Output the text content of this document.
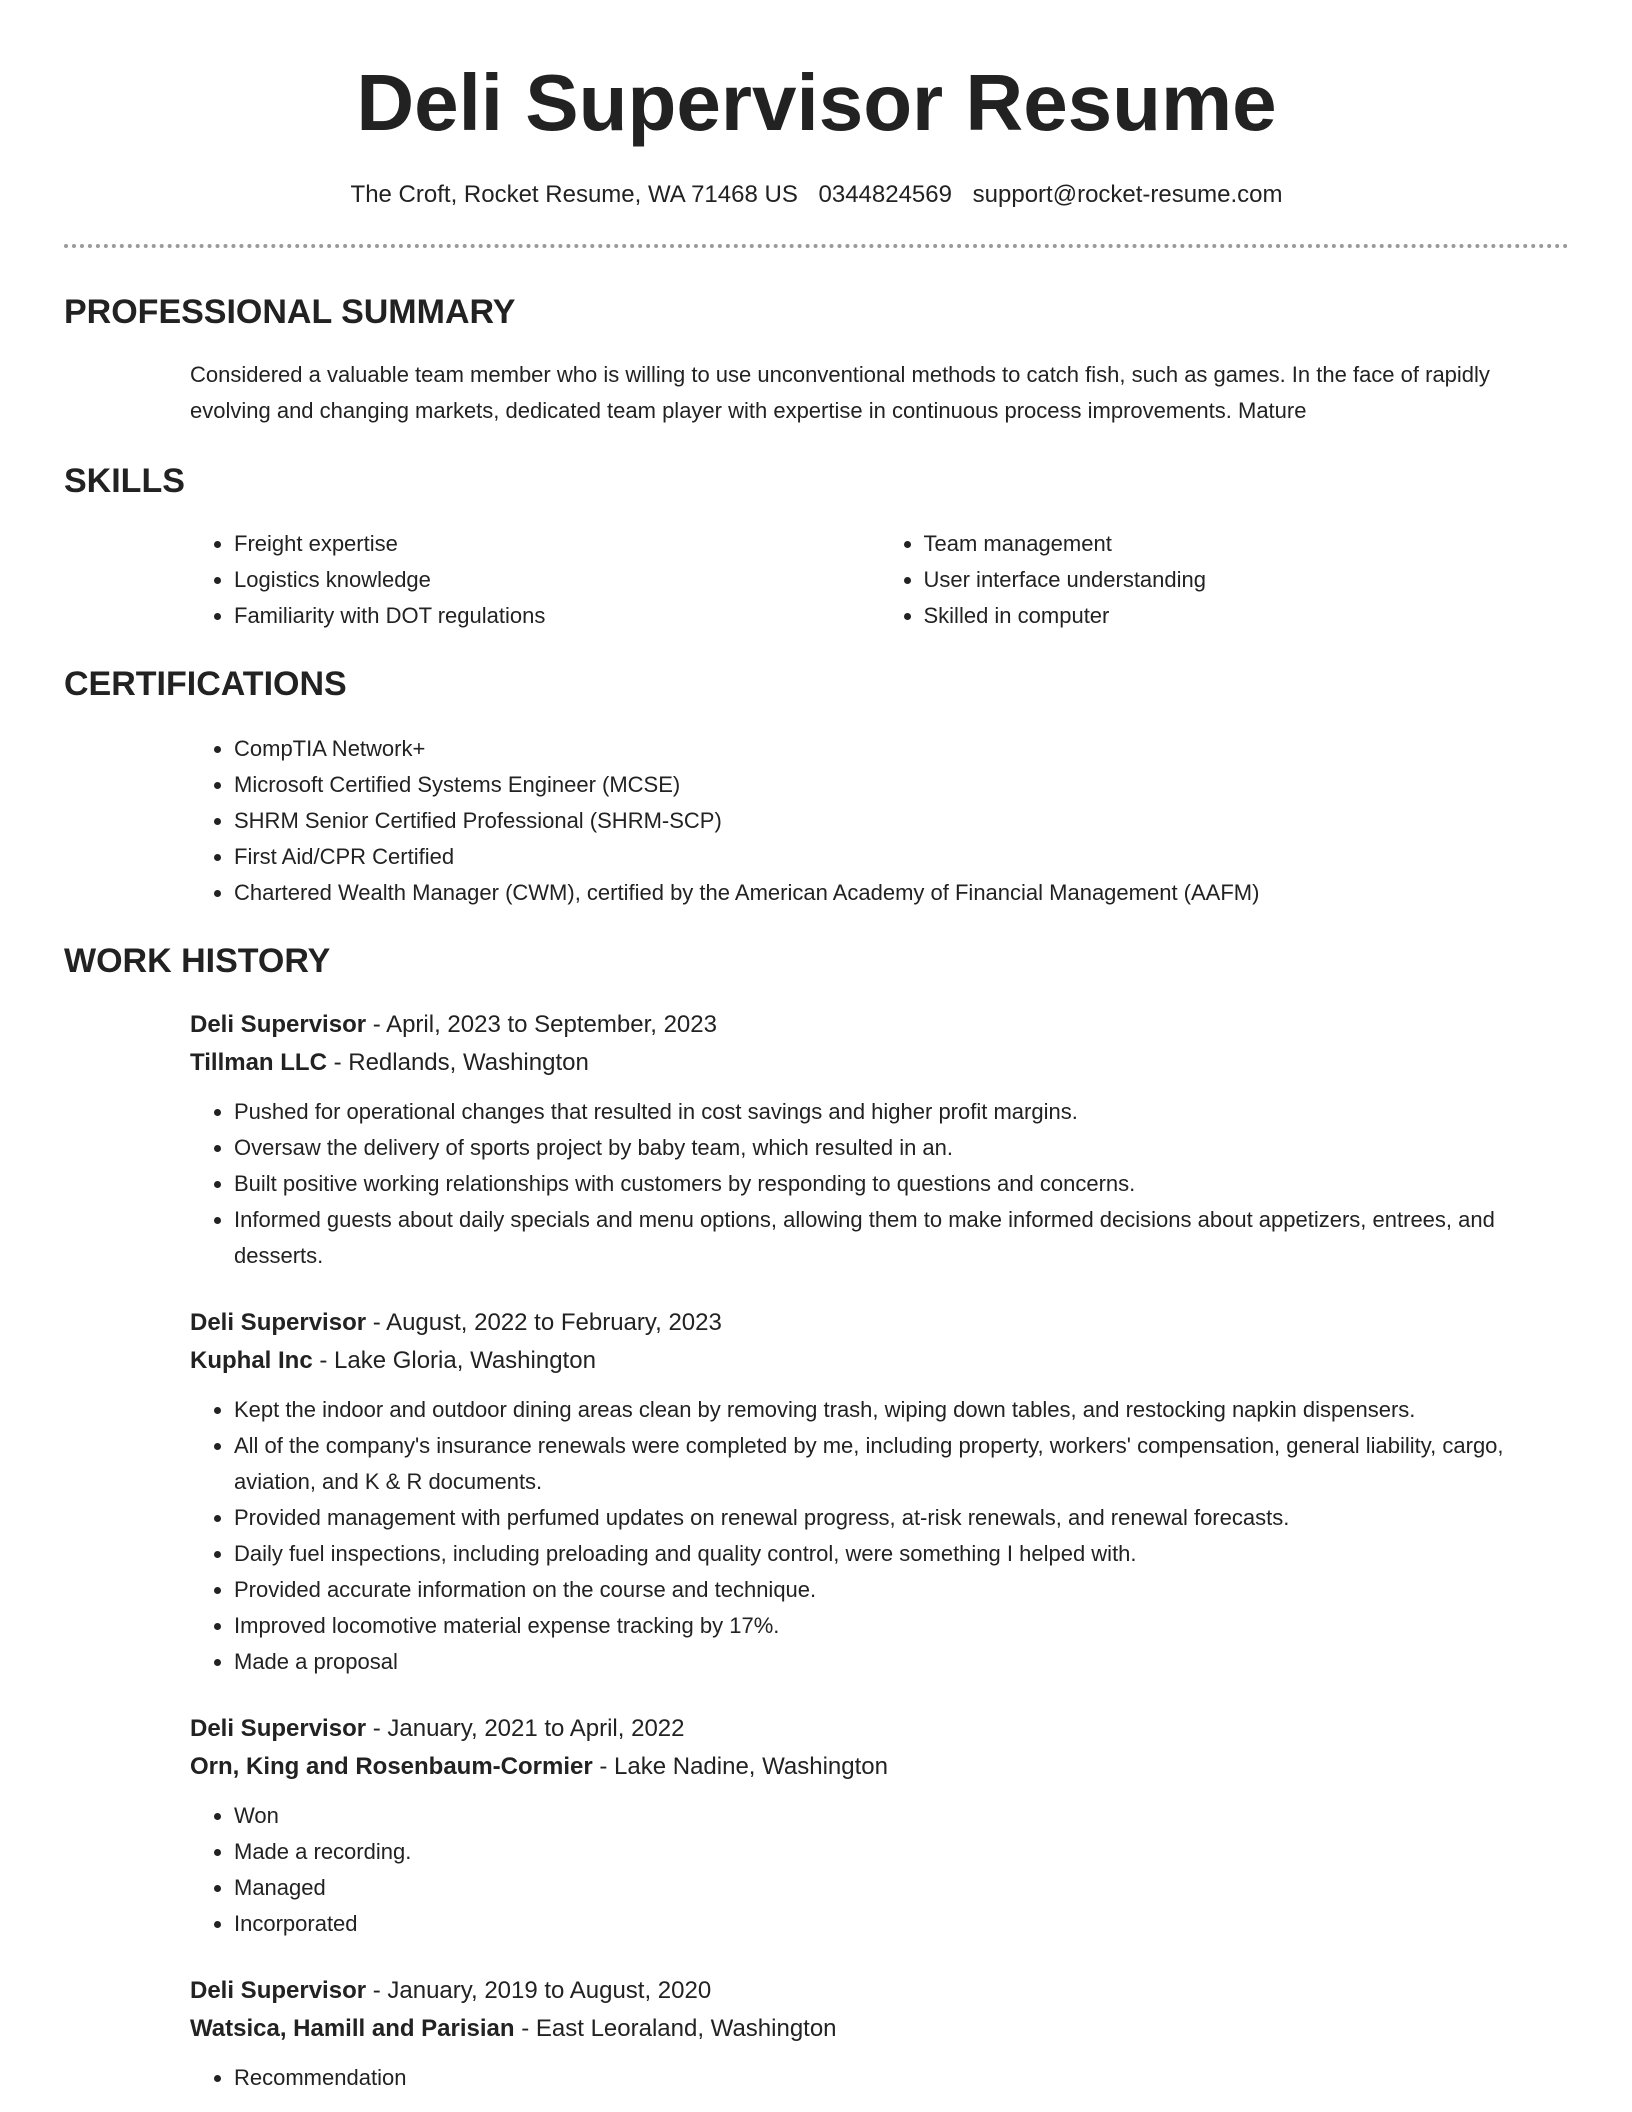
Deli Supervisor Resume
The Croft, Rocket Resume, WA 71468 US 0344824569 support@rocket-resume.com
PROFESSIONAL SUMMARY

Considered a valuable team member who is willing to use unconventional methods to catch fish, such as games. In the face of rapidly evolving and changing markets, dedicated team player with expertise in continuous process improvements. Mature

SKILLS
• Freight expertise
• Logistics knowledge
• Familiarity with DOT regulations
• Team management
• User interface understanding
• Skilled in computer
CERTIFICATIONS
• CompTIA Network+
• Microsoft Certified Systems Engineer (MCSE)
• SHRM Senior Certified Professional (SHRM-SCP)
• First Aid/CPR Certified
• Chartered Wealth Manager (CWM), certified by the American Academy of Financial Management (AAFM)
WORK HISTORY
Deli Supervisor - April, 2023 to September, 2023
Tillman LLC - Redlands, Washington
• Pushed for operational changes that resulted in cost savings and higher profit margins.
• Oversaw the delivery of sports project by baby team, which resulted in an.
• Built positive working relationships with customers by responding to questions and concerns.
• Informed guests about daily specials and menu options, allowing them to make informed decisions about appetizers, entrees, and desserts.
Deli Supervisor - August, 2022 to February, 2023
Kuphal Inc - Lake Gloria, Washington
• Kept the indoor and outdoor dining areas clean by removing trash, wiping down tables, and restocking napkin dispensers.
• All of the company's insurance renewals were completed by me, including property, workers' compensation, general liability, cargo, aviation, and K & R documents.
• Provided management with perfumed updates on renewal progress, at-risk renewals, and renewal forecasts.
• Daily fuel inspections, including preloading and quality control, were something I helped with.
• Provided accurate information on the course and technique.
• Improved locomotive material expense tracking by 17%.
• Made a proposal
Deli Supervisor - January, 2021 to April, 2022
Orn, King and Rosenbaum-Cormier - Lake Nadine, Washington
• Won
• Made a recording.
• Managed
• Incorporated
Deli Supervisor - January, 2019 to August, 2020
Watsica, Hamill and Parisian - East Leoraland, Washington
• Recommendation
